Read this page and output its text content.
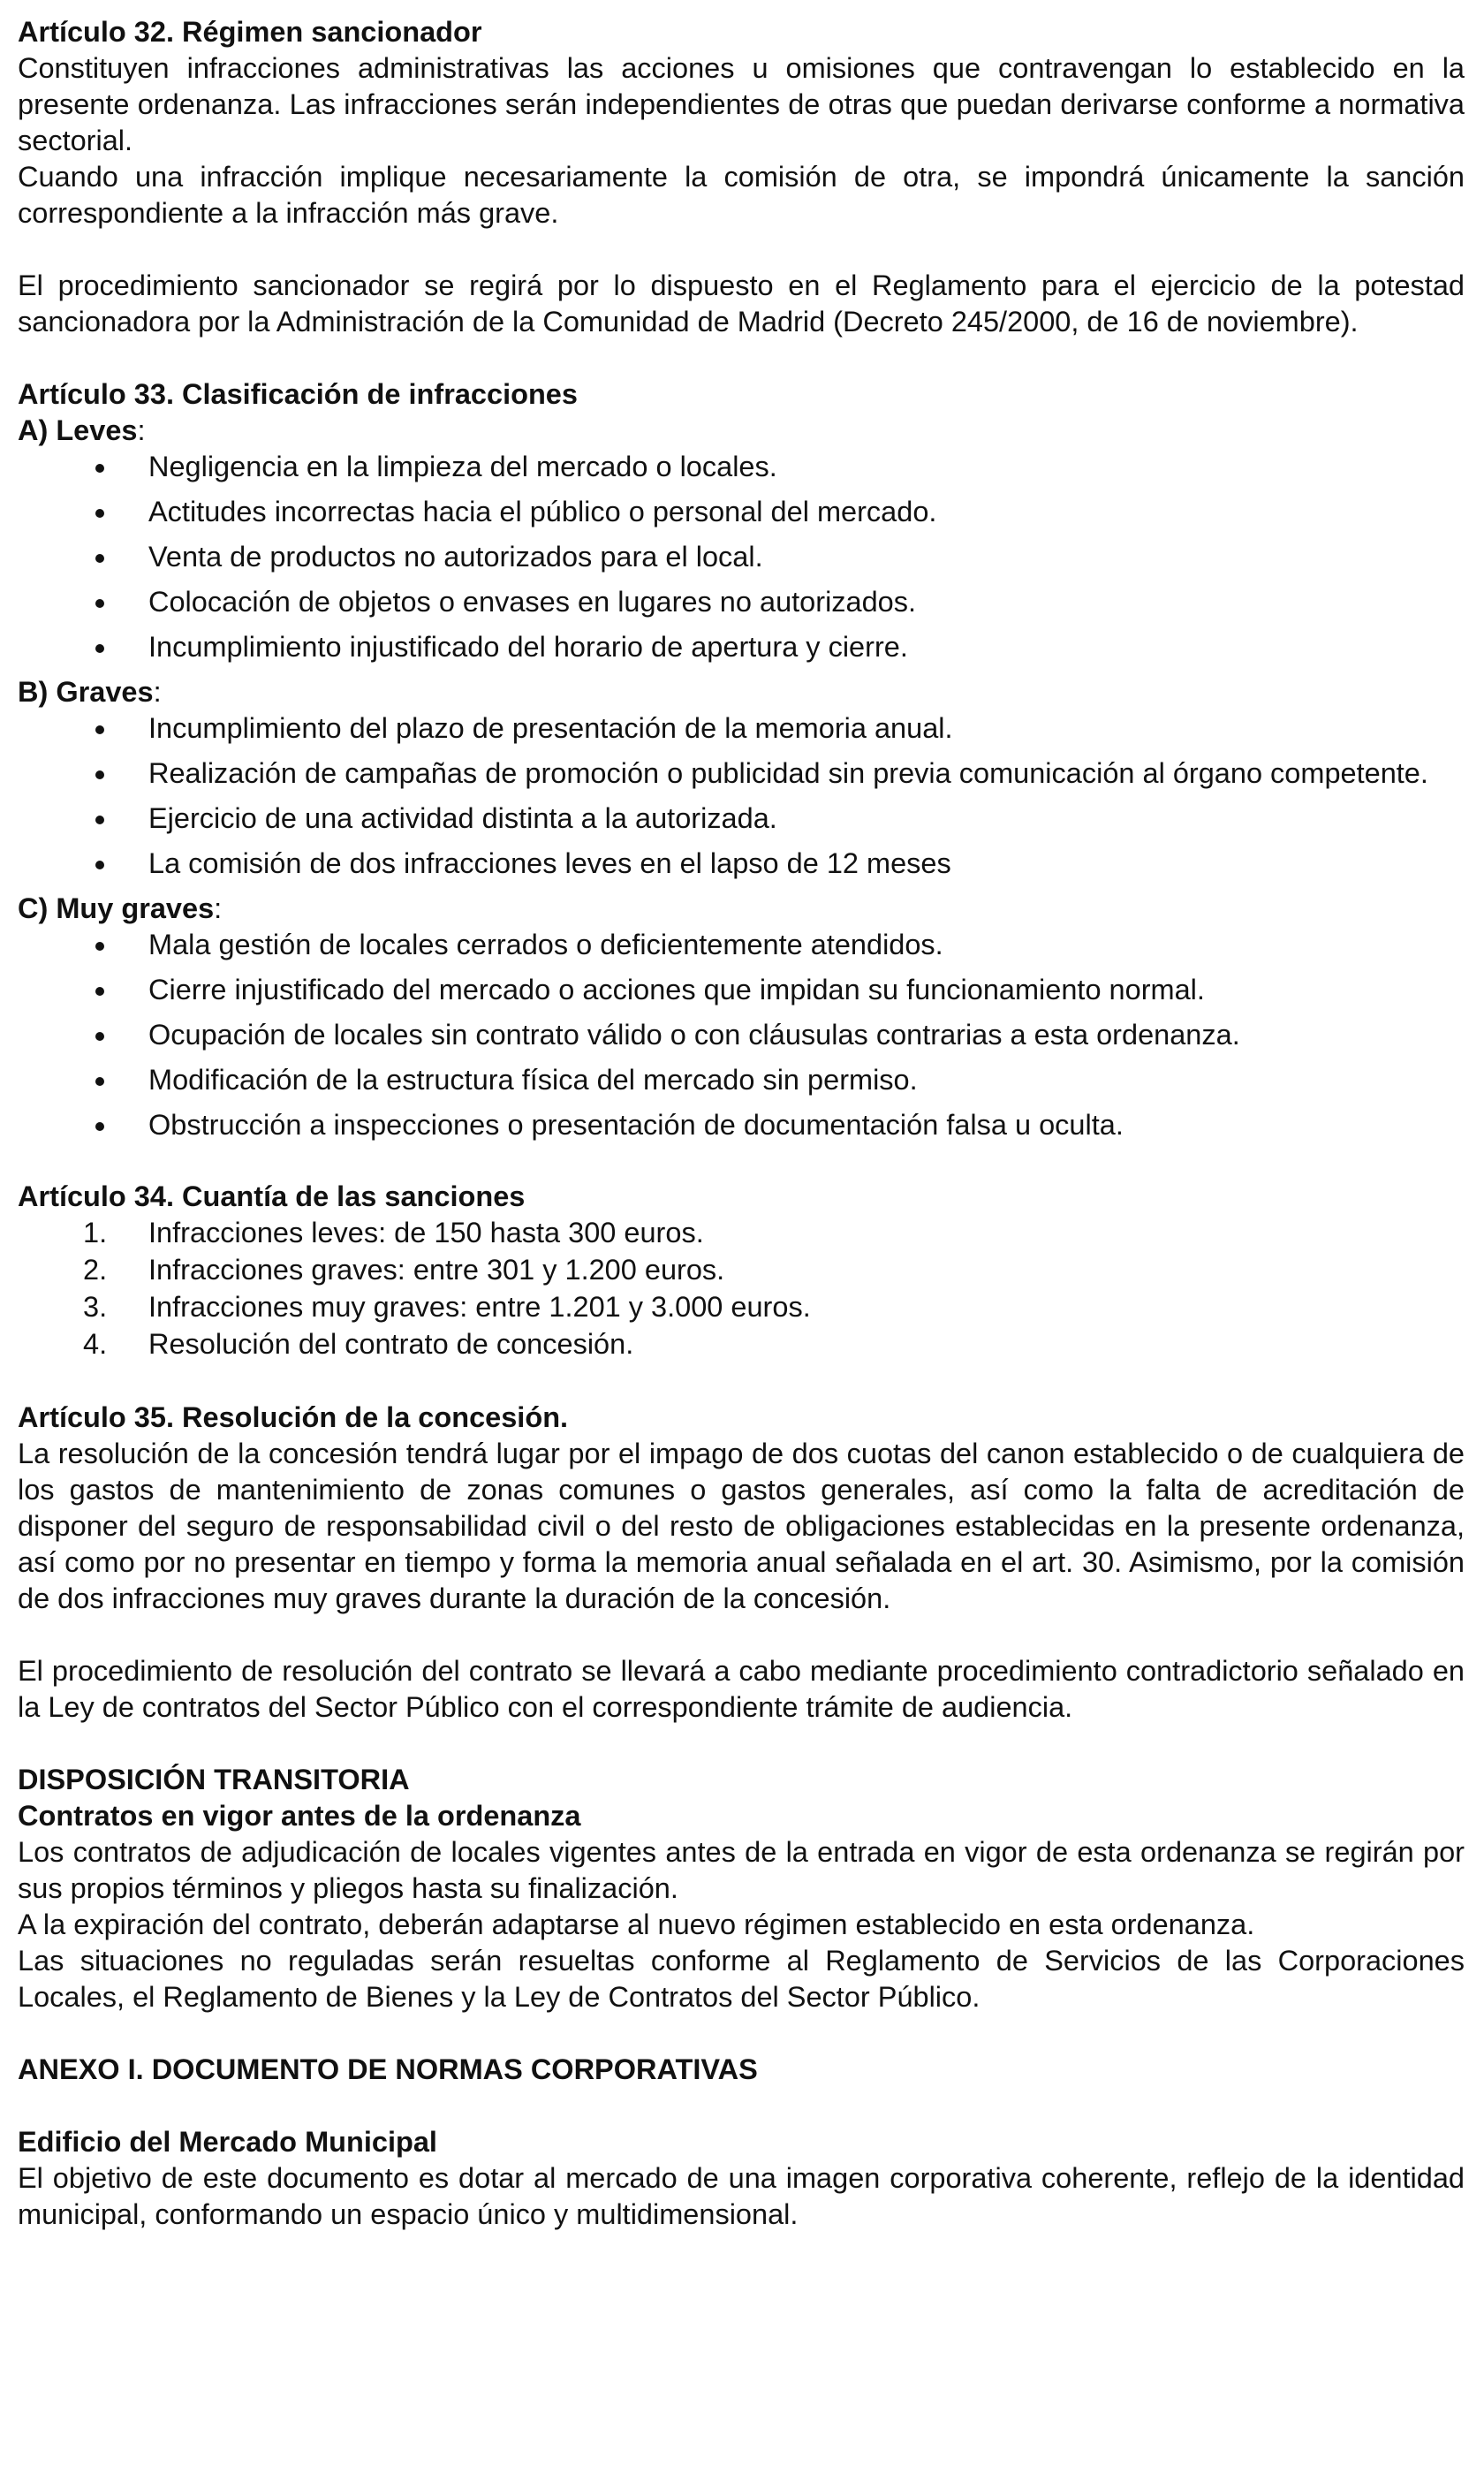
Artículo 32. Régimen sancionador

Constituyen infracciones administrativas las acciones u omisiones que contravengan lo establecido en la presente ordenanza. Las infracciones serán independientes de otras que puedan derivarse conforme a normativa sectorial.

Cuando una infracción implique necesariamente la comisión de otra, se impondrá únicamente la sanción correspondiente a la infracción más grave.

El procedimiento sancionador se regirá por lo dispuesto en el Reglamento para el ejercicio de la potestad sancionadora por la Administración de la Comunidad de Madrid (Decreto 245/2000, de 16 de noviembre).

Artículo 33. Clasificación de infracciones

A) Leves:

Negligencia en la limpieza del mercado o locales.
Actitudes incorrectas hacia el público o personal del mercado.
Venta de productos no autorizados para el local.
Colocación de objetos o envases en lugares no autorizados.
Incumplimiento injustificado del horario de apertura y cierre.

B) Graves:

Incumplimiento del plazo de presentación de la memoria anual.
Realización de campañas de promoción o publicidad sin previa comunicación al órgano competente.
Ejercicio de una actividad distinta a la autorizada.
La comisión de dos infracciones leves en el lapso de 12 meses

C) Muy graves:

Mala gestión de locales cerrados o deficientemente atendidos.
Cierre injustificado del mercado o acciones que impidan su funcionamiento normal.
Ocupación de locales sin contrato válido o con cláusulas contrarias a esta ordenanza.
Modificación de la estructura física del mercado sin permiso.
Obstrucción a inspecciones o presentación de documentación falsa u oculta.

Artículo 34. Cuantía de las sanciones

1. Infracciones leves: de 150 hasta 300 euros.
2. Infracciones graves: entre 301 y 1.200 euros.
3. Infracciones muy graves: entre 1.201 y 3.000 euros.
4. Resolución del contrato de concesión.

Artículo 35. Resolución de la concesión.

La resolución de la concesión tendrá lugar por el impago de dos cuotas del canon establecido o de cualquiera de los gastos de mantenimiento de zonas comunes o gastos generales, así como la falta de acreditación de disponer del seguro de responsabilidad civil o del resto de obligaciones establecidas en la presente ordenanza, así como por no presentar en tiempo y forma la memoria anual señalada en el art. 30. Asimismo, por la comisión de dos infracciones muy graves durante la duración de la concesión.

El procedimiento de resolución del contrato se llevará a cabo mediante procedimiento contradictorio señalado en la Ley de contratos del Sector Público con el correspondiente trámite de audiencia.

DISPOSICIÓN TRANSITORIA

Contratos en vigor antes de la ordenanza

Los contratos de adjudicación de locales vigentes antes de la entrada en vigor de esta ordenanza se regirán por sus propios términos y pliegos hasta su finalización.

A la expiración del contrato, deberán adaptarse al nuevo régimen establecido en esta ordenanza.

Las situaciones no reguladas serán resueltas conforme al Reglamento de Servicios de las Corporaciones Locales, el Reglamento de Bienes y la Ley de Contratos del Sector Público.

ANEXO I. DOCUMENTO DE NORMAS CORPORATIVAS

Edificio del Mercado Municipal

El objetivo de este documento es dotar al mercado de una imagen corporativa coherente, reflejo de la identidad municipal, conformando un espacio único y multidimensional.
